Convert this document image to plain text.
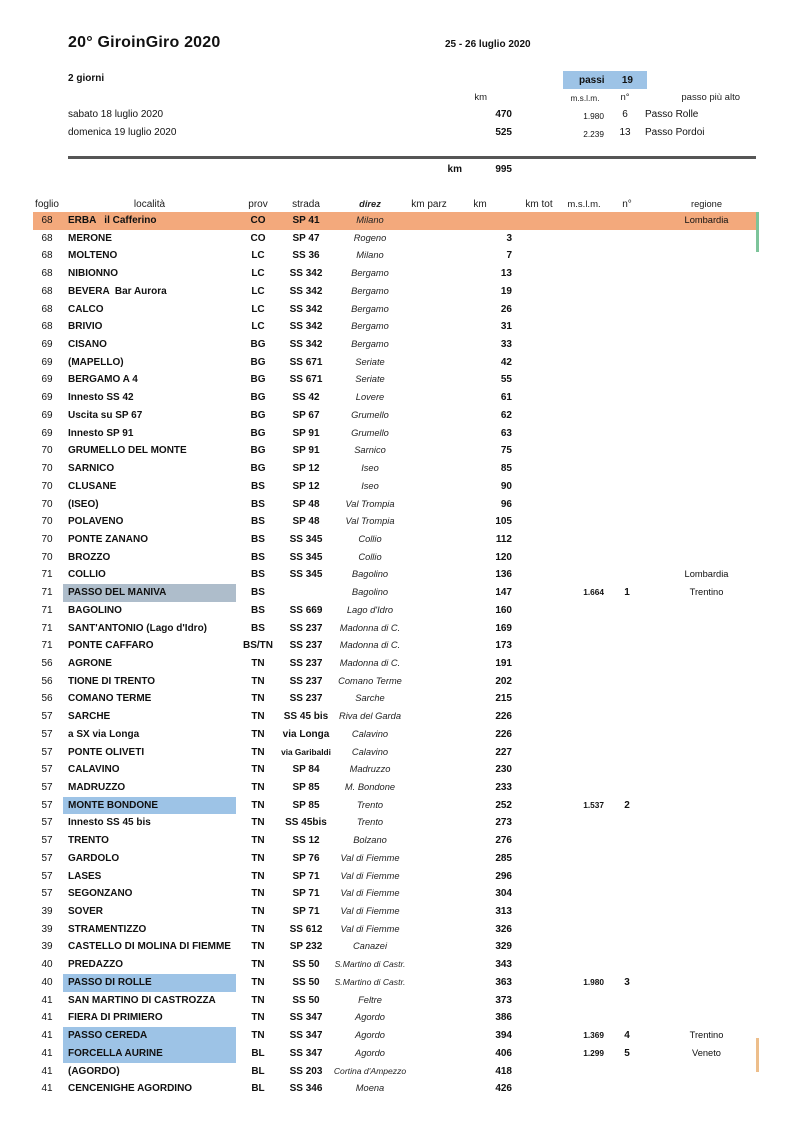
20° GiroinGiro 2020	25 - 26 luglio 2020
2 giorni	passi 19
km	m.s.l.m.	n°	passo più alto
sabato 18 luglio 2020	470	1.980	6	Passo Rolle
domenica 19 luglio 2020	525	2.239	13	Passo Pordoi
km	995
foglio	località	prov	strada	direz	km parz	km	km tot	m.s.l.m.	n°	regione
68	ERBA   il Cafferino	CO	SP 41	Milano	Lombardia
68	MERONE	CO	SP 47	Rogeno	3
68	MOLTENO	LC	SS 36	Milano	7
68	NIBIONNO	LC	SS 342	Bergamo	13
68	BEVERA  Bar Aurora	LC	SS 342	Bergamo	19
68	CALCO	LC	SS 342	Bergamo	26
68	BRIVIO	LC	SS 342	Bergamo	31
69	CISANO	BG	SS 342	Bergamo	33
69	(MAPELLO)	BG	SS 671	Seriate	42
69	BERGAMO A 4	BG	SS 671	Seriate	55
69	Innesto SS 42	BG	SS 42	Lovere	61
69	Uscita su SP 67	BG	SP 67	Grumello	62
69	Innesto SP 91	BG	SP 91	Grumello	63
70	GRUMELLO DEL MONTE	BG	SP 91	Sarnico	75
70	SARNICO	BG	SP 12	Iseo	85
70	CLUSANE	BS	SP 12	Iseo	90
70	(ISEO)	BS	SP 48	Val Trompia	96
70	POLAVENO	BS	SP 48	Val Trompia	105
70	PONTE ZANANO	BS	SS 345	Collio	112
70	BROZZO	BS	SS 345	Collio	120
71	COLLIO	BS	SS 345	Bagolino	136	Lombardia
71	PASSO DEL MANIVA	BS	Bagolino	147	1.664	1	Trentino
71	BAGOLINO	BS	SS 669	Lago d'Idro	160
71	SANT'ANTONIO (Lago d'Idro)	BS	SS 237	Madonna di C.	169
71	PONTE CAFFARO	BS/TN	SS 237	Madonna di C.	173
56	AGRONE	TN	SS 237	Madonna di C.	191
56	TIONE DI TRENTO	TN	SS 237	Comano Terme	202
56	COMANO TERME	TN	SS 237	Sarche	215
57	SARCHE	TN	SS 45 bis	Riva del Garda	226
57	a SX via Longa	TN	via Longa	Calavino	226
57	PONTE OLIVETI	TN	via Garibaldi	Calavino	227
57	CALAVINO	TN	SP 84	Madruzzo	230
57	MADRUZZO	TN	SP 85	M. Bondone	233
57	MONTE BONDONE	TN	SP 85	Trento	252	1.537	2
57	Innesto SS 45 bis	TN	SS 45bis	Trento	273
57	TRENTO	TN	SS 12	Bolzano	276
57	GARDOLO	TN	SP 76	Val di Fiemme	285
57	LASES	TN	SP 71	Val di Fiemme	296
57	SEGONZANO	TN	SP 71	Val di Fiemme	304
39	SOVER	TN	SP 71	Val di Fiemme	313
39	STRAMENTIZZO	TN	SS 612	Val di Fiemme	326
39	CASTELLO DI MOLINA DI FIEMME	TN	SP 232	Canazei	329
40	PREDAZZO	TN	SS 50	S.Martino di Castr.	343
40	PASSO DI ROLLE	TN	SS 50	S.Martino di Castr.	363	1.980	3
41	SAN MARTINO DI CASTROZZA	TN	SS 50	Feltre	373
41	FIERA DI PRIMIERO	TN	SS 347	Agordo	386
41	PASSO CEREDA	TN	SS 347	Agordo	394	1.369	4	Trentino
41	FORCELLA AURINE	BL	SS 347	Agordo	406	1.299	5	Veneto
41	(AGORDO)	BL	SS 203	Cortina d'Ampezzo	418
41	CENCENIGHE AGORDINO	BL	SS 346	Moena	426
